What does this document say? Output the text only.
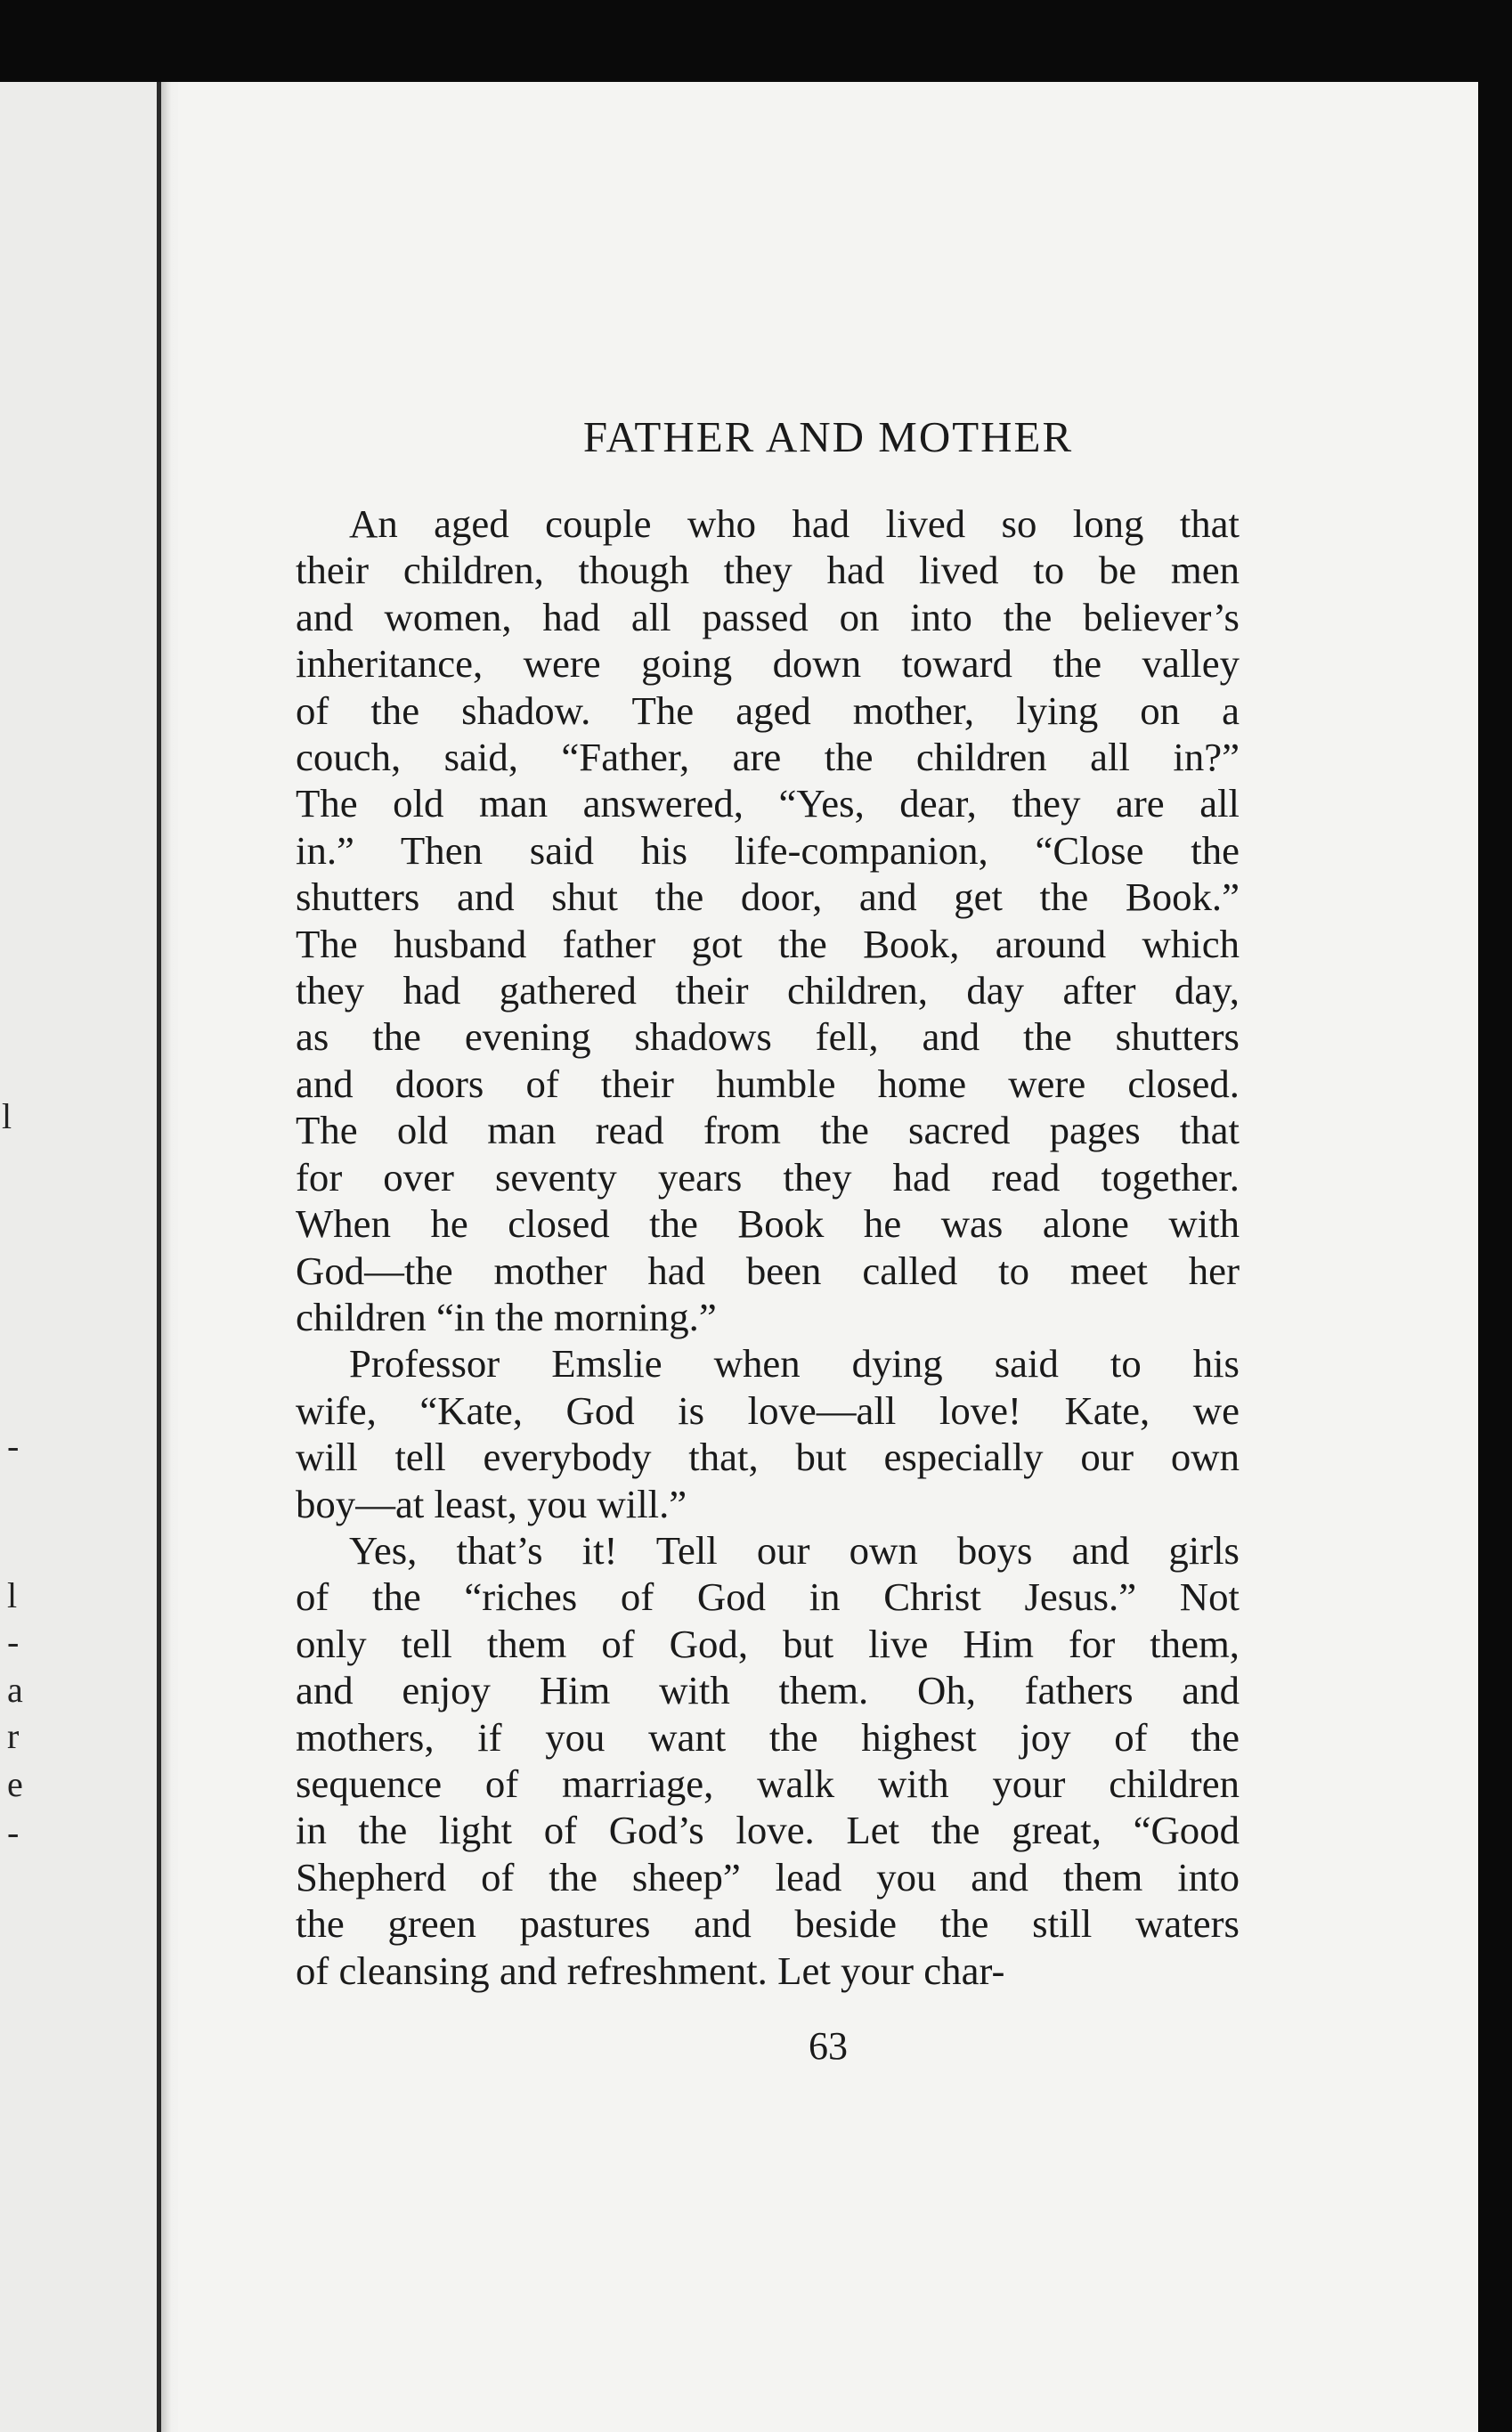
l
-
l
-
a
r
e
-
FATHER AND MOTHER

An aged couple who had lived so long that
their children, though they had lived to be men
and women, had all passed on into the believer’s
inheritance, were going down toward the valley
of the shadow. The aged mother, lying on a
couch, said, “Father, are the children all in?”
The old man answered, “Yes, dear, they are all
in.” Then said his life-companion, “Close the
shutters and shut the door, and get the Book.”
The husband father got the Book, around which
they had gathered their children, day after day,
as the evening shadows fell, and the shutters
and doors of their humble home were closed.
The old man read from the sacred pages that
for over seventy years they had read together.
When he closed the Book he was alone with
God—the mother had been called to meet her
children “in the morning.”

Professor Emslie when dying said to his
wife, “Kate, God is love—all love! Kate, we
will tell everybody that, but especially our own
boy—at least, you will.”

Yes, that’s it! Tell our own boys and girls
of the “riches of God in Christ Jesus.” Not
only tell them of God, but live Him for them,
and enjoy Him with them. Oh, fathers and
mothers, if you want the highest joy of the
sequence of marriage, walk with your children
in the light of God’s love. Let the great, “Good
Shepherd of the sheep” lead you and them into
the green pastures and beside the still waters
of cleansing and refreshment. Let your char-

63
